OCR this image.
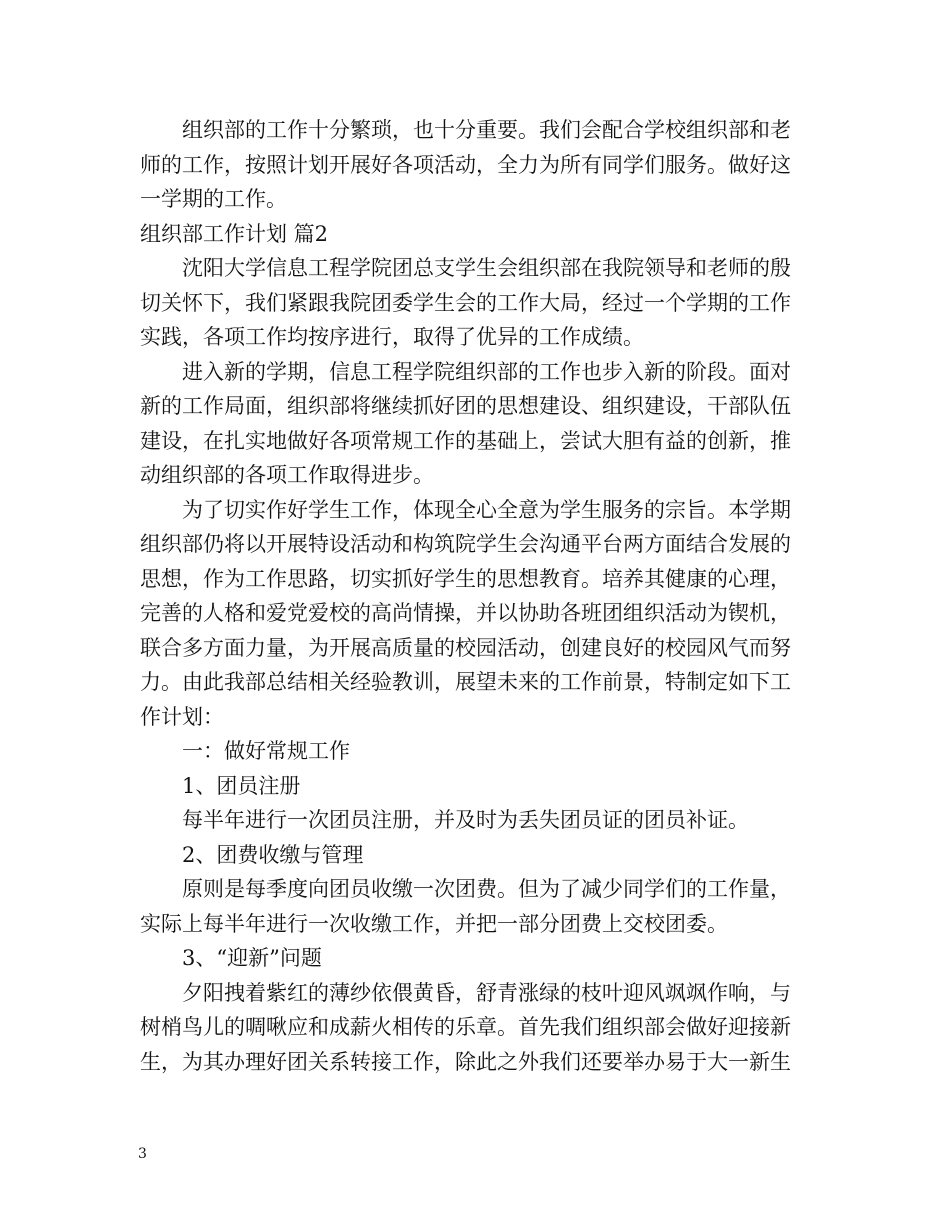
组织部的工作十分繁琐，也十分重要。我们会配合学校组织部和老
师的工作，按照计划开展好各项活动，全力为所有同学们服务。做好这
一学期的工作。
组织部工作计划 篇2
沈阳大学信息工程学院团总支学生会组织部在我院领导和老师的殷
切关怀下，我们紧跟我院团委学生会的工作大局，经过一个学期的工作
实践，各项工作均按序进行，取得了优异的工作成绩。
进入新的学期，信息工程学院组织部的工作也步入新的阶段。面对
新的工作局面，组织部将继续抓好团的思想建设、组织建设，干部队伍
建设，在扎实地做好各项常规工作的基础上，尝试大胆有益的创新，推
动组织部的各项工作取得进步。
为了切实作好学生工作，体现全心全意为学生服务的宗旨。本学期
组织部仍将以开展特设活动和构筑院学生会沟通平台两方面结合发展的
思想，作为工作思路，切实抓好学生的思想教育。培养其健康的心理，
完善的人格和爱党爱校的高尚情操，并以协助各班团组织活动为锲机，
联合多方面力量，为开展高质量的校园活动，创建良好的校园风气而努
力。由此我部总结相关经验教训，展望未来的工作前景，特制定如下工
作计划：
一：做好常规工作
1、团员注册
每半年进行一次团员注册，并及时为丢失团员证的团员补证。
2、团费收缴与管理
原则是每季度向团员收缴一次团费。但为了减少同学们的工作量，
实际上每半年进行一次收缴工作，并把一部分团费上交校团委。
3、“迎新”问题
夕阳拽着紫红的薄纱依偎黄昏，舒青涨绿的枝叶迎风飒飒作响，与
树梢鸟儿的啁啾应和成薪火相传的乐章。首先我们组织部会做好迎接新
生，为其办理好团关系转接工作，除此之外我们还要举办易于大一新生
3
